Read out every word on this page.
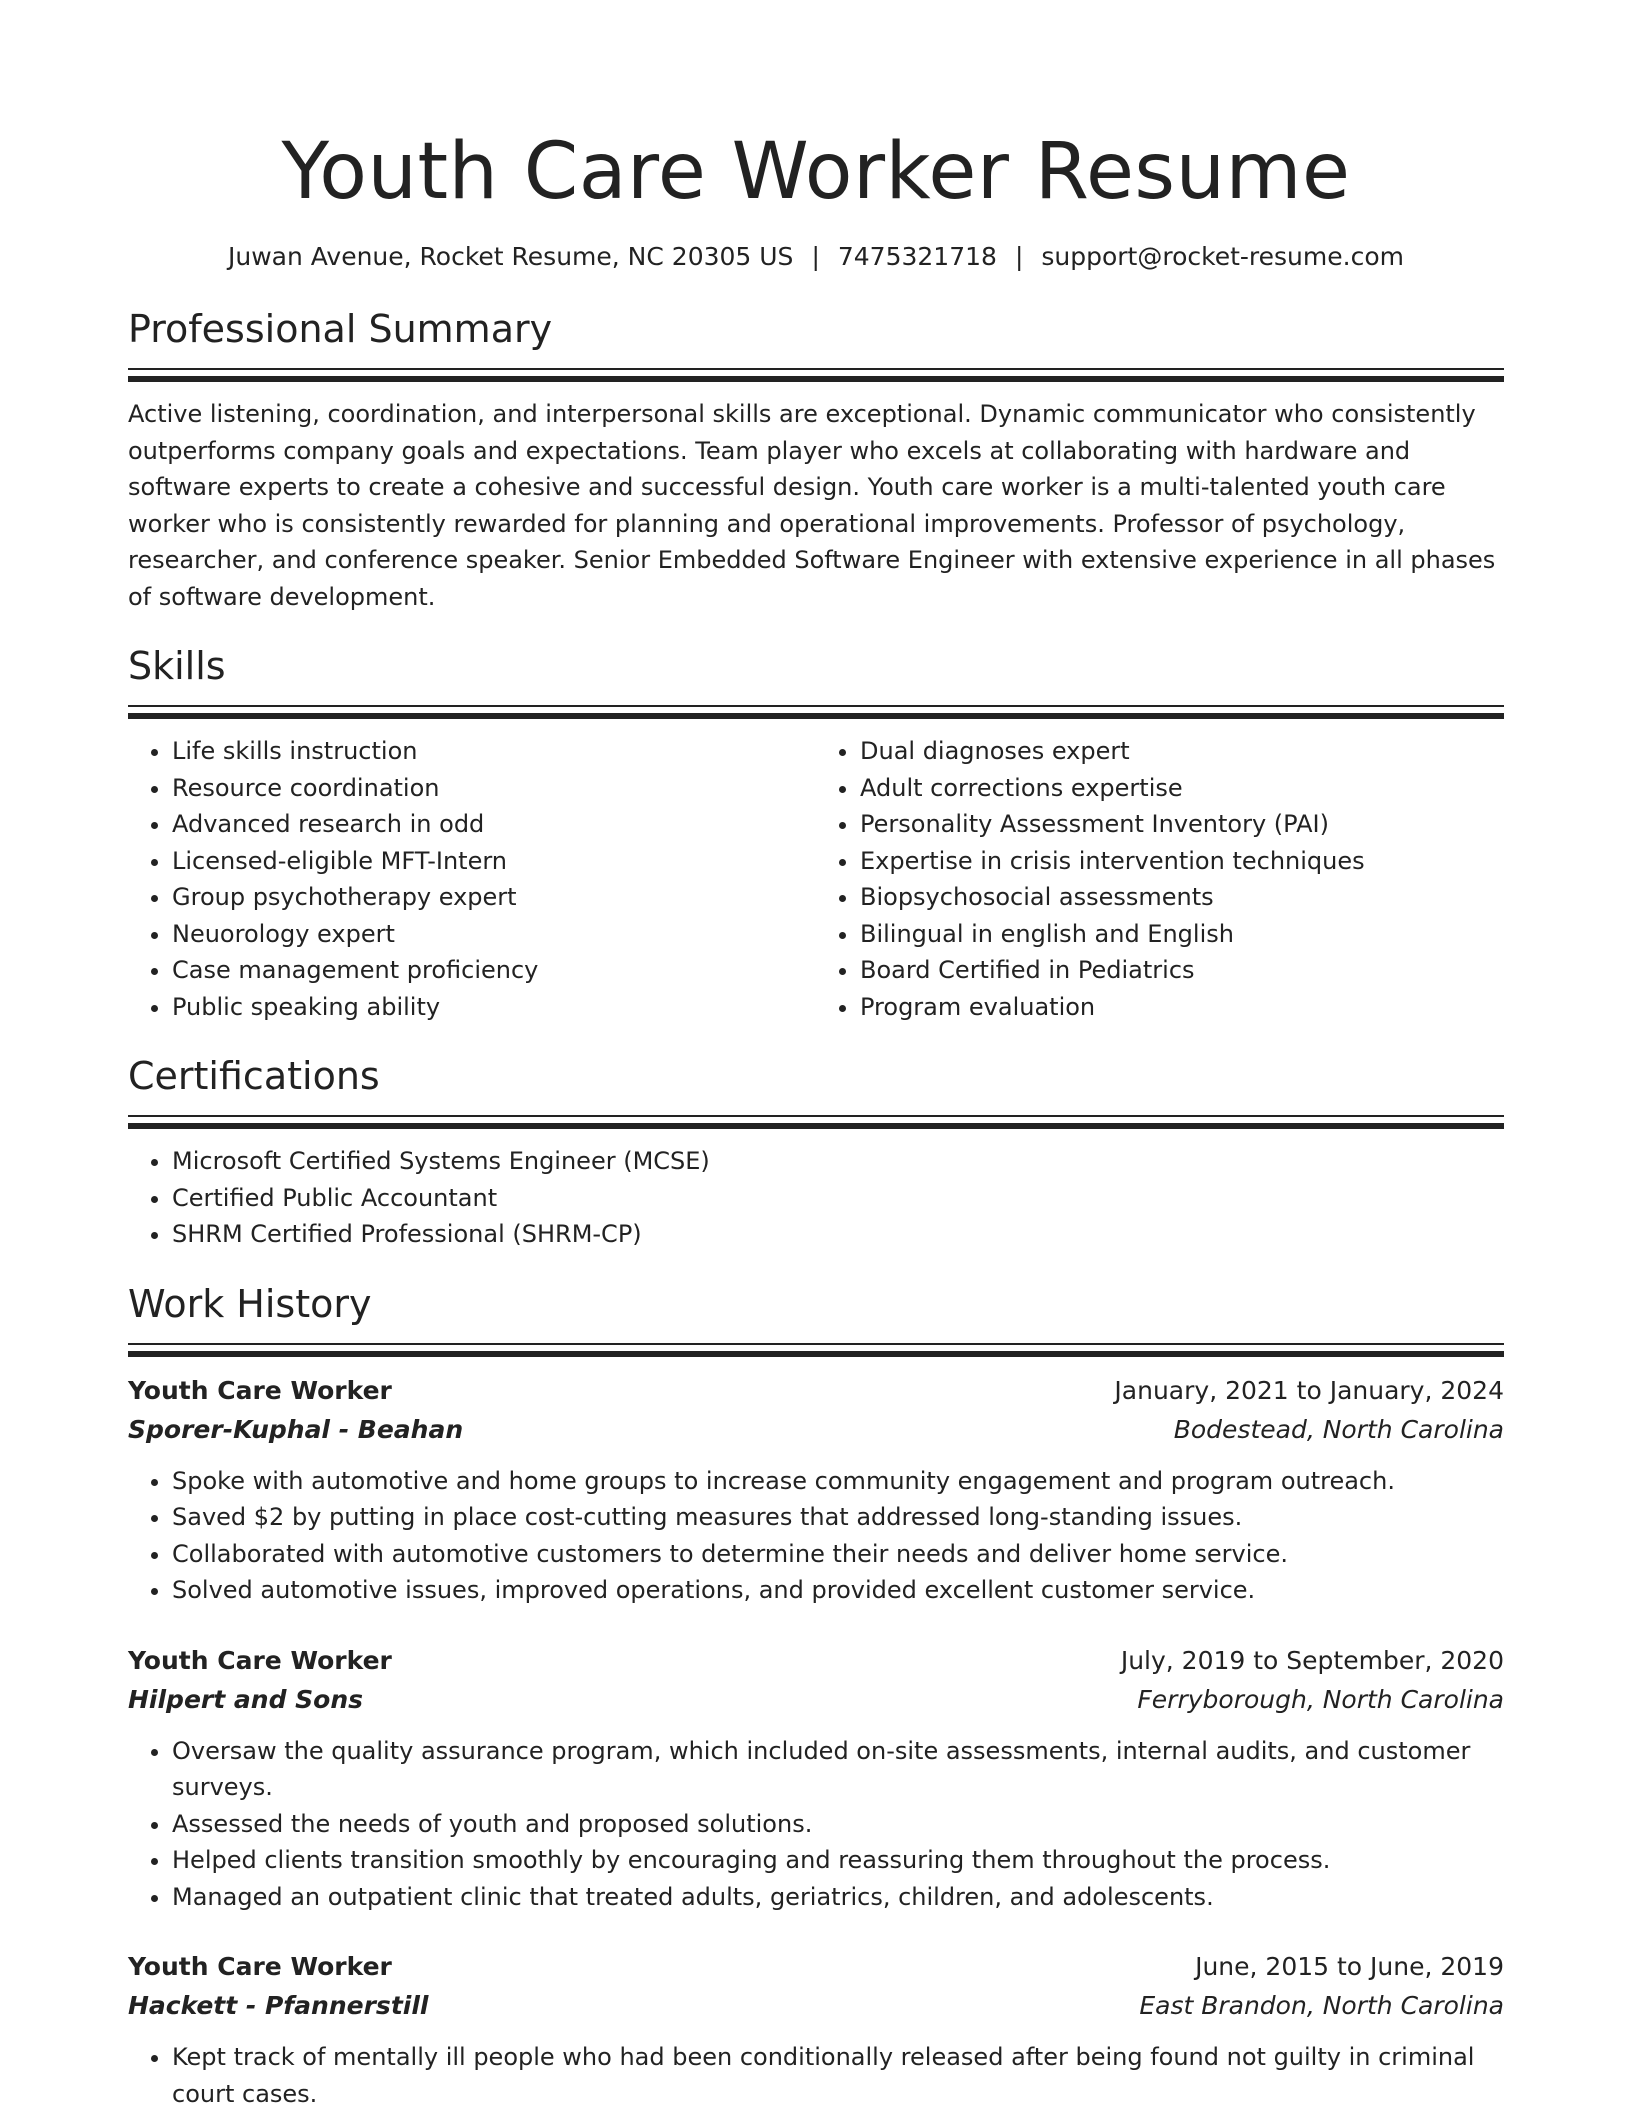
Youth Care Worker Resume
Juwan Avenue, Rocket Resume, NC 20305 US | 7475321718 | support@rocket-resume.com
Professional Summary

Active listening, coordination, and interpersonal skills are exceptional. Dynamic communicator who consistently outperforms company goals and expectations. Team player who excels at collaborating with hardware and software experts to create a cohesive and successful design. Youth care worker is a multi-talented youth care worker who is consistently rewarded for planning and operational improvements. Professor of psychology, researcher, and conference speaker. Senior Embedded Software Engineer with extensive experience in all phases of software development.

Skills
• Life skills instruction
• Resource coordination
• Advanced research in odd
• Licensed-eligible MFT-Intern
• Group psychotherapy expert
• Neuorology expert
• Case management proficiency
• Public speaking ability
• Dual diagnoses expert
• Adult corrections expertise
• Personality Assessment Inventory (PAI)
• Expertise in crisis intervention techniques
• Biopsychosocial assessments
• Bilingual in english and English
• Board Certified in Pediatrics
• Program evaluation
Certifications
• Microsoft Certified Systems Engineer (MCSE)
• Certified Public Accountant
• SHRM Certified Professional (SHRM-CP)
Work History
Youth Care Worker	January, 2021 to January, 2024
Sporer-Kuphal - Beahan	Bodestead, North Carolina
• Spoke with automotive and home groups to increase community engagement and program outreach.
• Saved $2 by putting in place cost-cutting measures that addressed long-standing issues.
• Collaborated with automotive customers to determine their needs and deliver home service.
• Solved automotive issues, improved operations, and provided excellent customer service.
Youth Care Worker	July, 2019 to September, 2020
Hilpert and Sons	Ferryborough, North Carolina
• Oversaw the quality assurance program, which included on-site assessments, internal audits, and customer surveys.
• Assessed the needs of youth and proposed solutions.
• Helped clients transition smoothly by encouraging and reassuring them throughout the process.
• Managed an outpatient clinic that treated adults, geriatrics, children, and adolescents.
Youth Care Worker	June, 2015 to June, 2019
Hackett - Pfannerstill	East Brandon, North Carolina
• Kept track of mentally ill people who had been conditionally released after being found not guilty in criminal court cases.
